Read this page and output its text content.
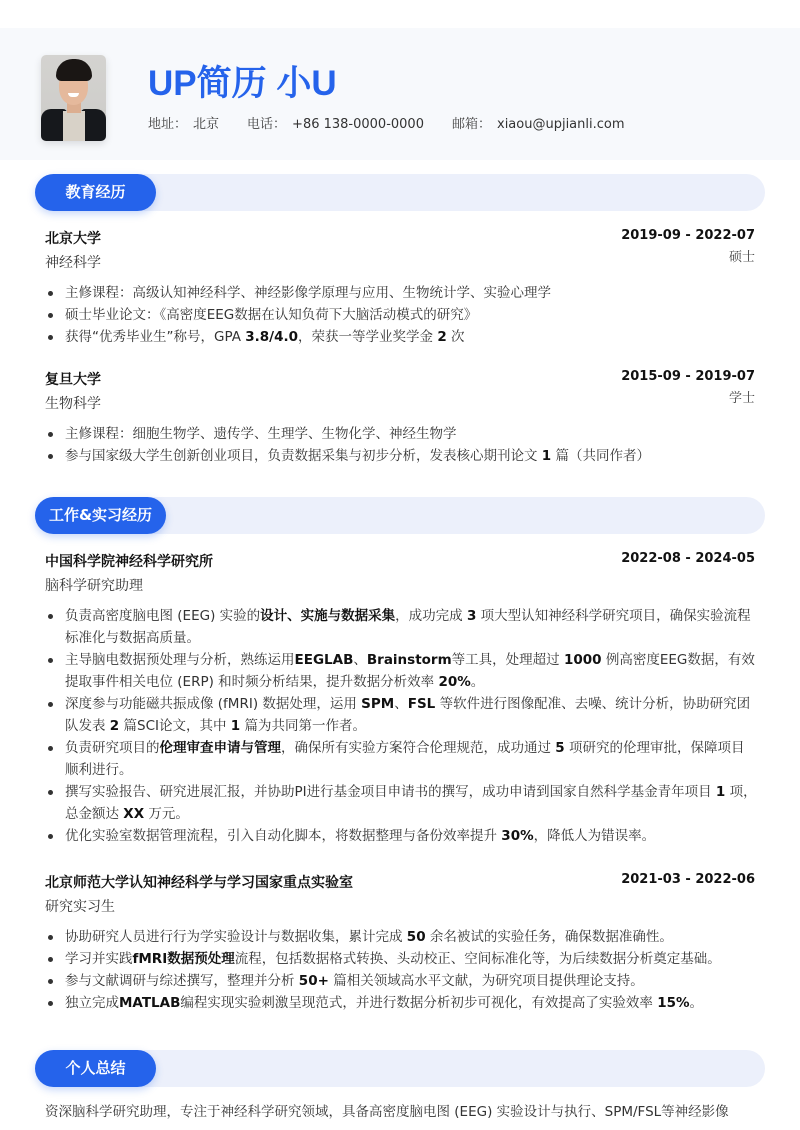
UP简历 小U
地址： 北京 电话： +86 138-0000-0000 邮箱： xiaou@upjianli.com
教育经历
北京大学	2019-09 - 2022-07
神经科学	硕士
主修课程：高级认知神经科学、神经影像学原理与应用、生物统计学、实验心理学
硕士毕业论文：《高密度EEG数据在认知负荷下大脑活动模式的研究》
获得“优秀毕业生”称号，GPA 3.8/4.0，荣获一等学业奖学金 2 次
复旦大学	2015-09 - 2019-07
生物科学	学士
主修课程：细胞生物学、遗传学、生理学、生物化学、神经生物学
参与国家级大学生创新创业项目，负责数据采集与初步分析，发表核心期刊论文 1 篇（共同作者）
工作&实习经历
中国科学院神经科学研究所	2022-08 - 2024-05
脑科学研究助理
负责高密度脑电图 (EEG) 实验的设计、实施与数据采集，成功完成 3 项大型认知神经科学研究项目，确保实验流程标准化与数据高质量。
主导脑电数据预处理与分析，熟练运用EEGLAB、Brainstorm等工具，处理超过 1000 例高密度EEG数据，有效提取事件相关电位 (ERP) 和时频分析结果，提升数据分析效率 20%。
深度参与功能磁共振成像 (fMRI) 数据处理，运用 SPM、FSL 等软件进行图像配准、去噪、统计分析，协助研究团队发表 2 篇SCI论文，其中 1 篇为共同第一作者。
负责研究项目的伦理审查申请与管理，确保所有实验方案符合伦理规范，成功通过 5 项研究的伦理审批，保障项目顺利进行。
撰写实验报告、研究进展汇报，并协助PI进行基金项目申请书的撰写，成功申请到国家自然科学基金青年项目 1 项，总金额达 XX 万元。
优化实验室数据管理流程，引入自动化脚本，将数据整理与备份效率提升 30%，降低人为错误率。
北京师范大学认知神经科学与学习国家重点实验室	2021-03 - 2022-06
研究实习生
协助研究人员进行行为学实验设计与数据收集，累计完成 50 余名被试的实验任务，确保数据准确性。
学习并实践fMRI数据预处理流程，包括数据格式转换、头动校正、空间标准化等，为后续数据分析奠定基础。
参与文献调研与综述撰写，整理并分析 50+ 篇相关领域高水平文献，为研究项目提供理论支持。
独立完成MATLAB编程实现实验刺激呈现范式，并进行数据分析初步可视化，有效提高了实验效率 15%。
个人总结
资深脑科学研究助理，专注于神经科学研究领域，具备高密度脑电图 (EEG) 实验设计与执行、SPM/FSL等神经影像
